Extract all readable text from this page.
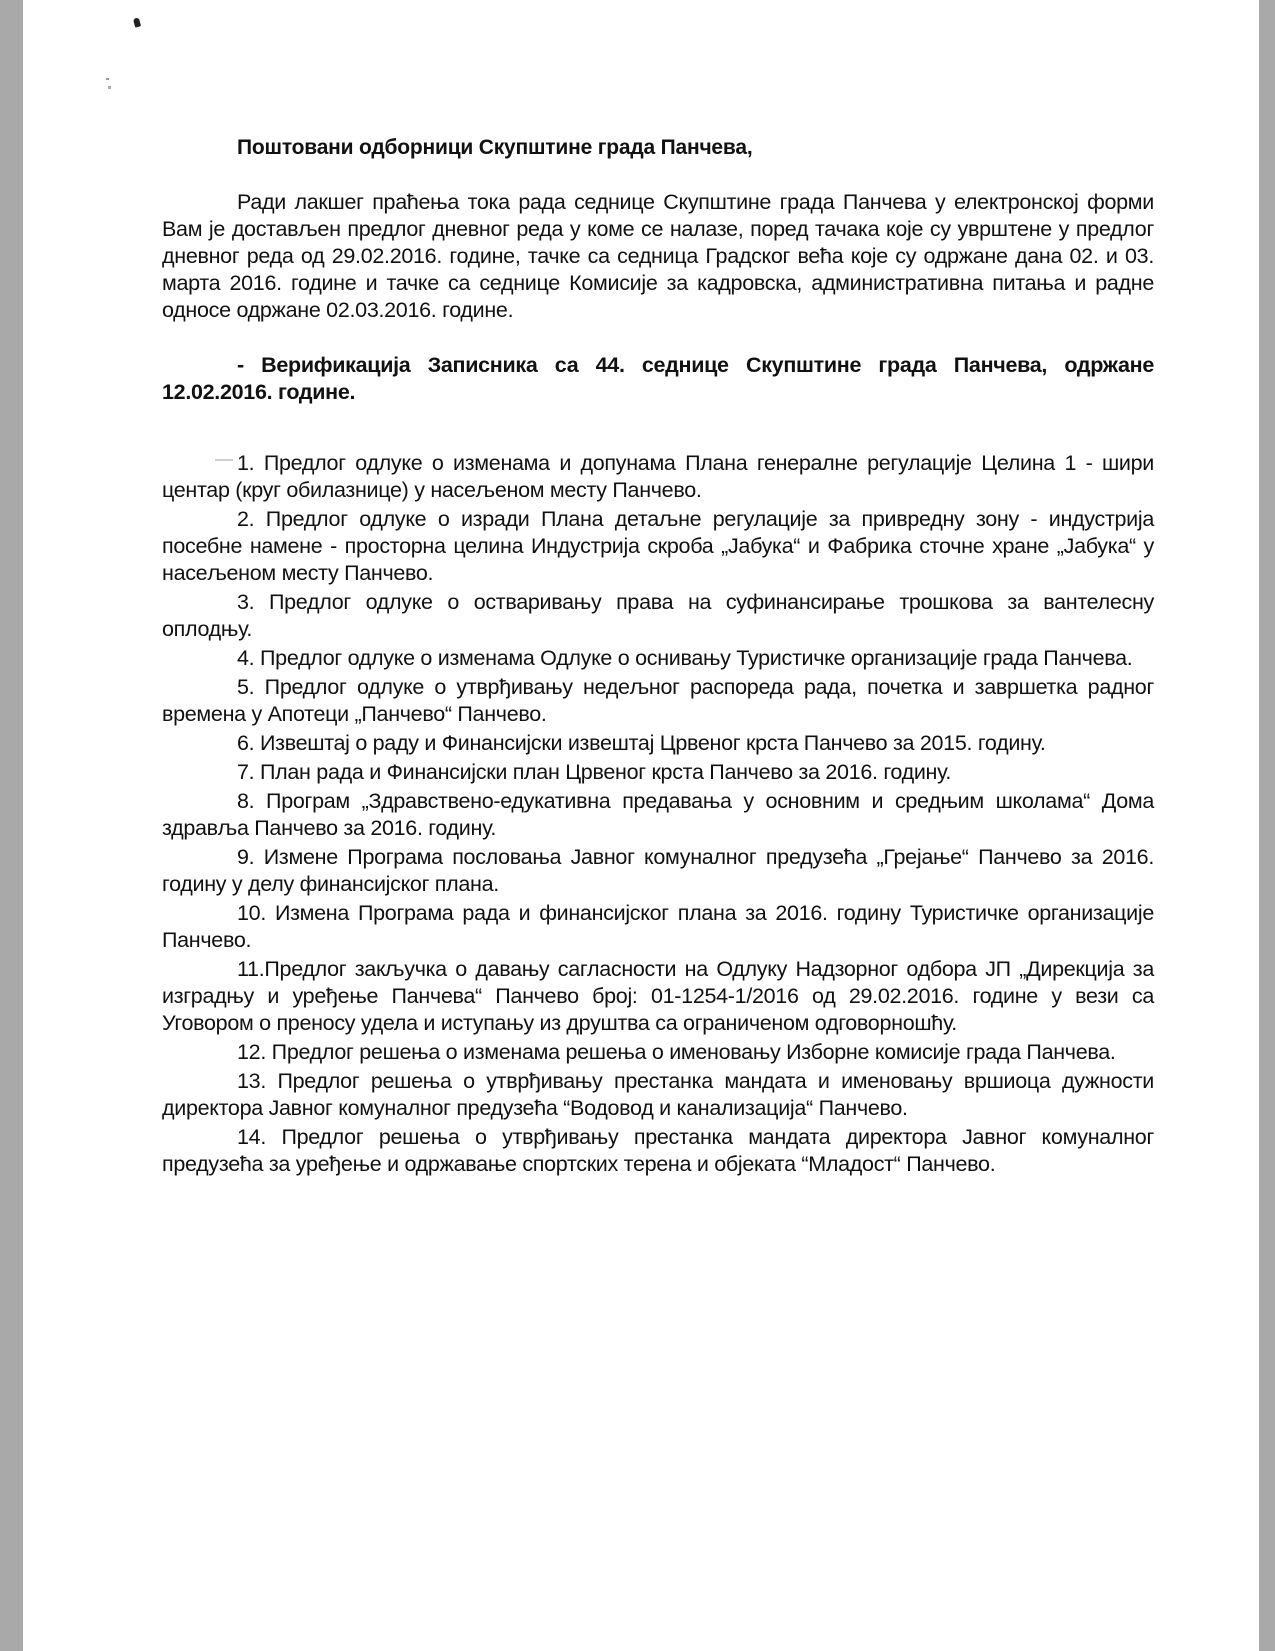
Поштовани одборници Скупштине града Панчева,

Ради лакшег праћења тока рада седнице Скупштине града Панчева у електронској форми Вам је достављен предлог дневног реда у коме се налазе, поред тачака које су уврштене у предлог дневног реда од 29.02.2016. године, тачке са седница Градског већа које су одржане дана 02. и 03. марта 2016. године и тачке са седнице Комисије за кадровска, административна питања и радне односе одржане 02.03.2016. године.

- Верификација Записника са 44. седнице Скупштине града Панчева, одржане 12.02.2016. године.

1. Предлог одлуке о изменама и допунама Плана генералне регулације Целина 1 - шири центар (круг обилазнице) у насељеном месту Панчево.

2. Предлог одлуке о изради Плана детаљне регулације за привредну зону - индустрија посебне намене - просторна целина Индустрија скроба „Јабука“ и Фабрика сточне хране „Јабука“ у насељеном месту Панчево.

3. Предлог одлуке о остваривању права на суфинансирање трошкова за вантелесну оплодњу.

4. Предлог одлуке о изменама Одлуке о оснивању Туристичке организације града Панчева.

5. Предлог одлуке о утврђивању недељног распореда рада, почетка и завршетка радног времена у Апотеци „Панчево“ Панчево.

6. Извештај о раду и Финансијски извештај Црвеног крста Панчево за 2015. годину.

7. План рада и Финансијски план Црвеног крста Панчево за 2016. годину.

8. Програм „Здравствено-едукативна предавања у основним и средњим школама“ Дома здравља Панчево за 2016. годину.

9. Измене Програма пословања Јавног комуналног предузећа „Грејање“ Панчево за 2016. годину у делу финансијског плана.

10. Измена Програма рада и финансијског плана за 2016. годину Туристичке организације Панчево.

11.Предлог закључка о давању сагласности на Одлуку Надзорног одбора ЈП „Дирекција за изградњу и уређење Панчева“ Панчево број: 01-1254-1/2016 од 29.02.2016. године у вези са Уговором о преносу удела и иступању из друштва са ограниченом одговорношћу.

12. Предлог решења о изменама решења о именовању Изборне комисије града Панчева.

13. Предлог решења о утврђивању престанка мандата и именовању вршиоца дужности директора Јавног комуналног предузећа “Водовод и канализација“ Панчево.

14. Предлог решења о утврђивању престанка мандата директора Јавног комуналног предузећа за уређење и одржавање спортских терена и објеката “Младост“ Панчево.
